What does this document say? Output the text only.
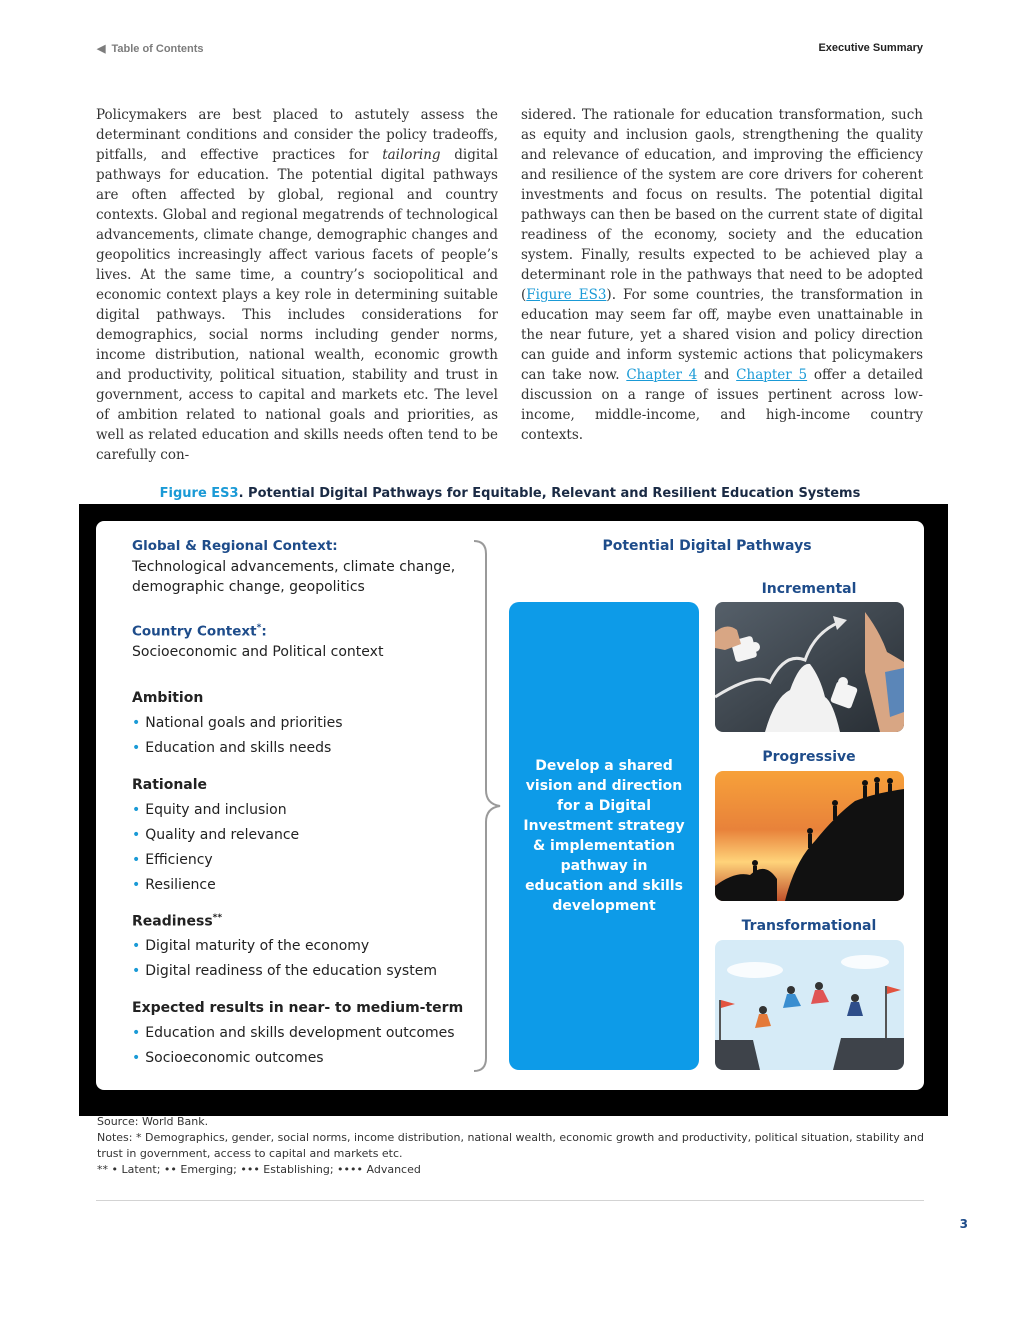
◀ Table of Contents	Executive Summary

Policymakers are best placed to astutely assess the determinant conditions and consider the policy tradeoffs, pitfalls, and effective practices for tailoring digital pathways for education. The potential digital pathways are often affected by global, regional and country contexts. Global and regional megatrends of technological advancements, climate change, demographic changes and geopolitics increasingly affect various facets of people’s lives. At the same time, a country’s sociopolitical and economic context plays a key role in determining suitable digital pathways. This includes considerations for demographics, social norms including gender norms, income distribution, national wealth, economic growth and productivity, political situation, stability and trust in government, access to capital and markets etc. The level of ambition related to national goals and priorities, as well as related education and skills needs often tend to be carefully con-

sidered. The rationale for education transformation, such as equity and inclusion gaols, strengthening the quality and relevance of education, and improving the efficiency and resilience of the system are core drivers for coherent investments and focus on results. The potential digital pathways can then be based on the current state of digital readiness of the economy, society and the education system. Finally, results expected to be achieved play a determinant role in the pathways that need to be adopted (Figure ES3). For some countries, the transformation in education may seem far off, maybe even unattainable in the near future, yet a shared vision and policy direction can guide and inform systemic actions that policymakers can take now. Chapter 4 and Chapter 5 offer a detailed discussion on a range of issues pertinent across low-income, middle-income, and high-income country contexts.

Figure ES3. Potential Digital Pathways for Equitable, Relevant and Resilient Education Systems
Global & Regional Context:
Technological advancements, climate change, demographic change, geopolitics
Country Context*:
Socioeconomic and Political context
Ambition
• National goals and priorities
• Education and skills needs
Rationale
• Equity and inclusion
• Quality and relevance
• Efficiency
• Resilience
Readiness**
• Digital maturity of the economy
• Digital readiness of the education system
Expected results in near- to medium-term
• Education and skills development outcomes
• Socioeconomic outcomes
Potential Digital Pathways
Develop a shared vision and direction for a Digital Investment strategy & implementation pathway in education and skills development
Incremental
Progressive
Transformational
Source: World Bank.
Notes: * Demographics, gender, social norms, income distribution, national wealth, economic growth and productivity, political situation, stability and trust in government, access to capital and markets etc.
** • Latent; •• Emerging; ••• Establishing; •••• Advanced
3
